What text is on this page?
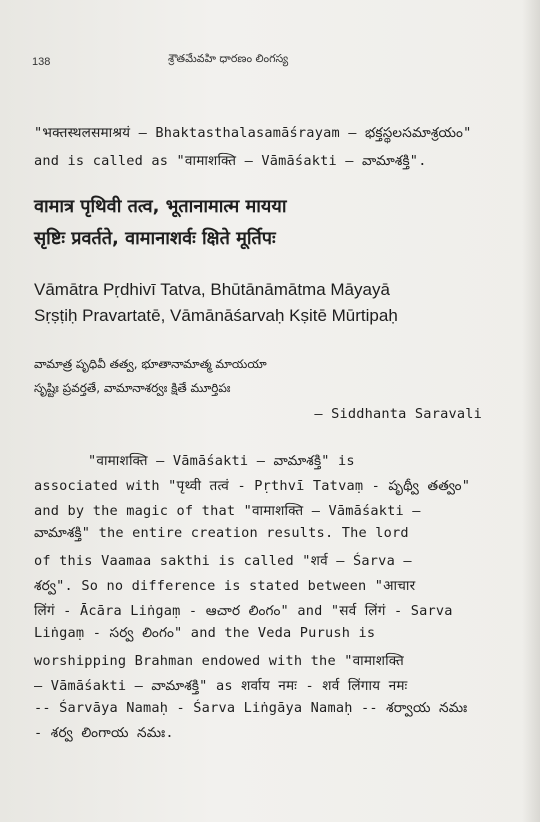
138	శ్రౌతమేవహి ధారణం లింగస్య
"भक्तस्थलसमाश्रयं – Bhaktasthalasamāśrayam – భక్తస్థలసమాశ్రయం"
and is called as "वामाशक्ति – Vāmāśakti – వామాశక్తి".
वामात्र पृथिवी तत्व, भूतानामात्म मायया
सृष्टिः प्रवर्तते, वामानाशर्वः क्षिते मूर्तिपः
Vāmātra Pṛdhivī Tatva, Bhūtānāmātma Māyayā
Sṛṣṭiḥ Pravartatē, Vāmānāśarvaḥ Kṣitē Mūrtipaḥ
వామాత్ర పృధివీ తత్వ, భూతానామాత్మ మాయయా
సృష్టిః ప్రవర్తతే, వామానాశర్వః క్షితే మూర్తిపః
– Siddhanta Saravali
"वामाशक्ति – Vāmāśakti – వామాశక్తి" is
associated with "पृथ्वी तत्वं - Pṛthvī Tatvaṃ - పృథ్వీ తత్వం"
and by the magic of that "वामाशक्ति – Vāmāśakti –
వామాశక్తి" the entire creation results. The lord
of this Vaamaa sakthi is called "शर्व – Śarva –
శర్వ". So no difference is stated between "आचार
लिंगं - Ācāra Liṅgaṃ - ఆచార లింగం" and "सर्व लिंगं - Sarva
Liṅgaṃ - సర్వ లింగం" and the Veda Purush is
worshipping Brahman endowed with the "वामाशक्ति
– Vāmāśakti – వామాశక్తి" as शर्वाय नमः - शर्व लिंगाय नमः
-- Śarvāya Namaḥ - Śarva Liṅgāya Namaḥ -- శర్వాయ నమః
- శర్వ లింగాయ నమః.
